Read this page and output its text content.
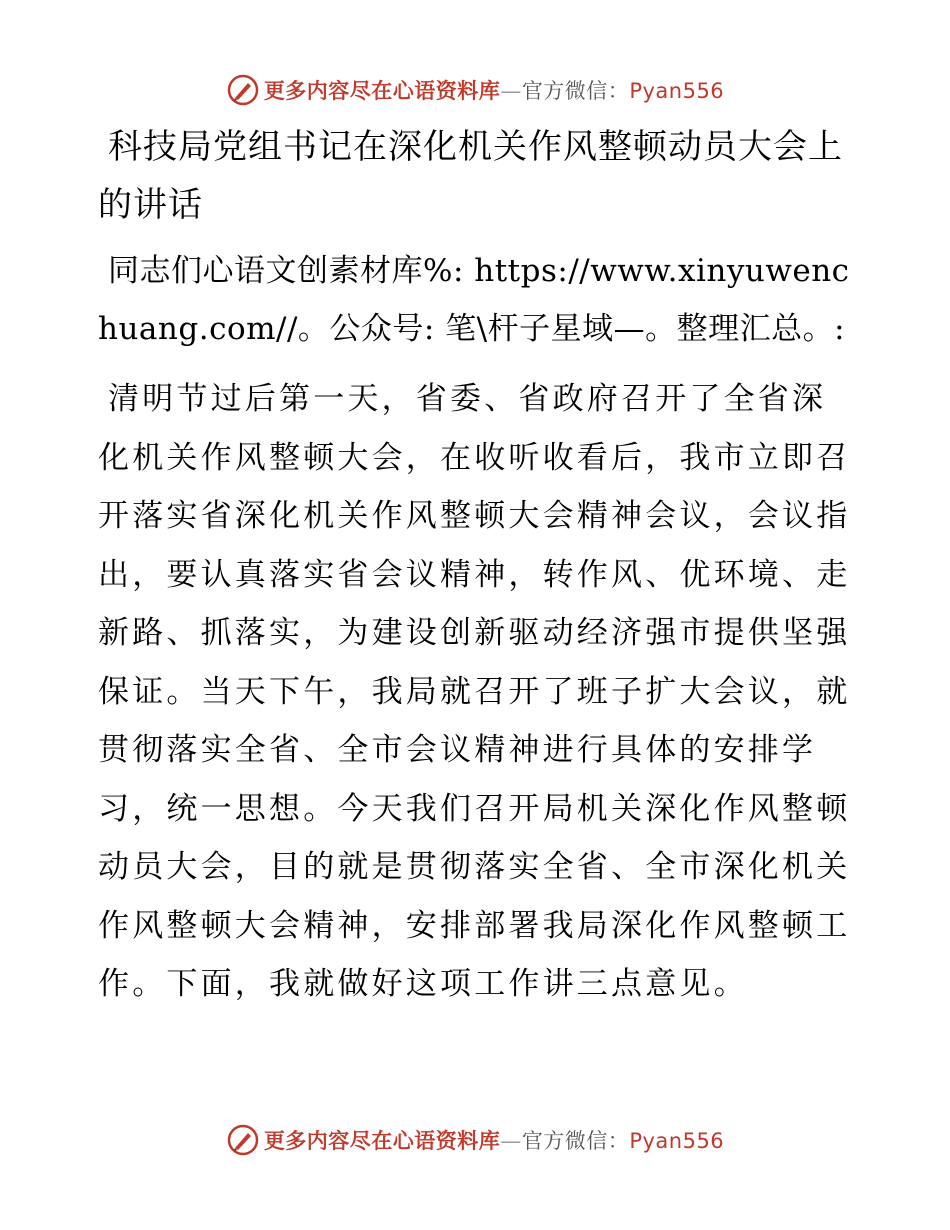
更多内容尽在心语资料库—官方微信：Pyan556
科技局党组书记在深化机关作风整顿动员大会上的讲话

同志们心语文创素材库%: https://www.xinyuwenchuang.com//。公众号: 笔\杆子星域—。整理汇总。:

清明节过后第一天，省委、省政府召开了全省深化机关作风整顿大会，在收听收看后，我市立即召开落实省深化机关作风整顿大会精神会议，会议指出，要认真落实省会议精神，转作风、优环境、走新路、抓落实，为建设创新驱动经济强市提供坚强保证。当天下午，我局就召开了班子扩大会议，就贯彻落实全省、全市会议精神进行具体的安排学习，统一思想。今天我们召开局机关深化作风整顿动员大会，目的就是贯彻落实全省、全市深化机关作风整顿大会精神，安排部署我局深化作风整顿工作。下面，我就做好这项工作讲三点意见。

更多内容尽在心语资料库—官方微信：Pyan556
